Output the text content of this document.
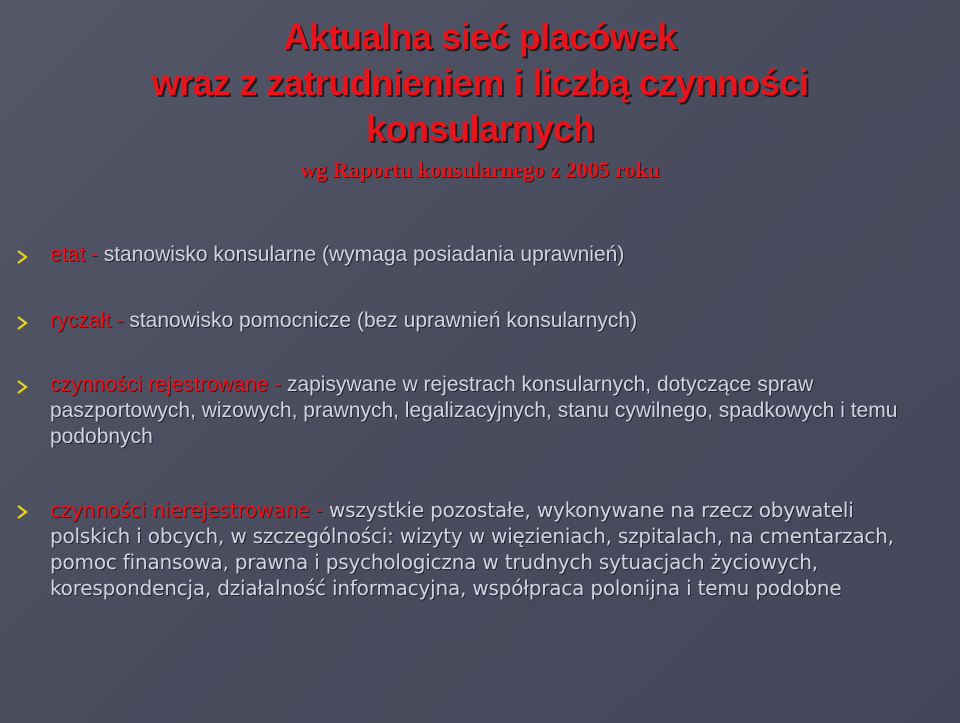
Aktualna sieć placówek
wraz z zatrudnieniem i liczbą czynności
konsularnych
wg Raportu konsularnego z 2005 roku
etat - stanowisko konsularne (wymaga posiadania uprawnień)
ryczałt - stanowisko pomocnicze (bez uprawnień konsularnych)
czynności rejestrowane - zapisywane w rejestrach konsularnych, dotyczące spraw paszportowych, wizowych, prawnych, legalizacyjnych, stanu cywilnego, spadkowych i temu podobnych
czynności nierejestrowane - wszystkie pozostałe, wykonywane na rzecz obywateli polskich i obcych, w szczególności: wizyty w więzieniach, szpitalach, na cmentarzach, pomoc finansowa, prawna i psychologiczna w trudnych sytuacjach życiowych, korespondencja, działalność informacyjna, współpraca polonijna i temu podobne
